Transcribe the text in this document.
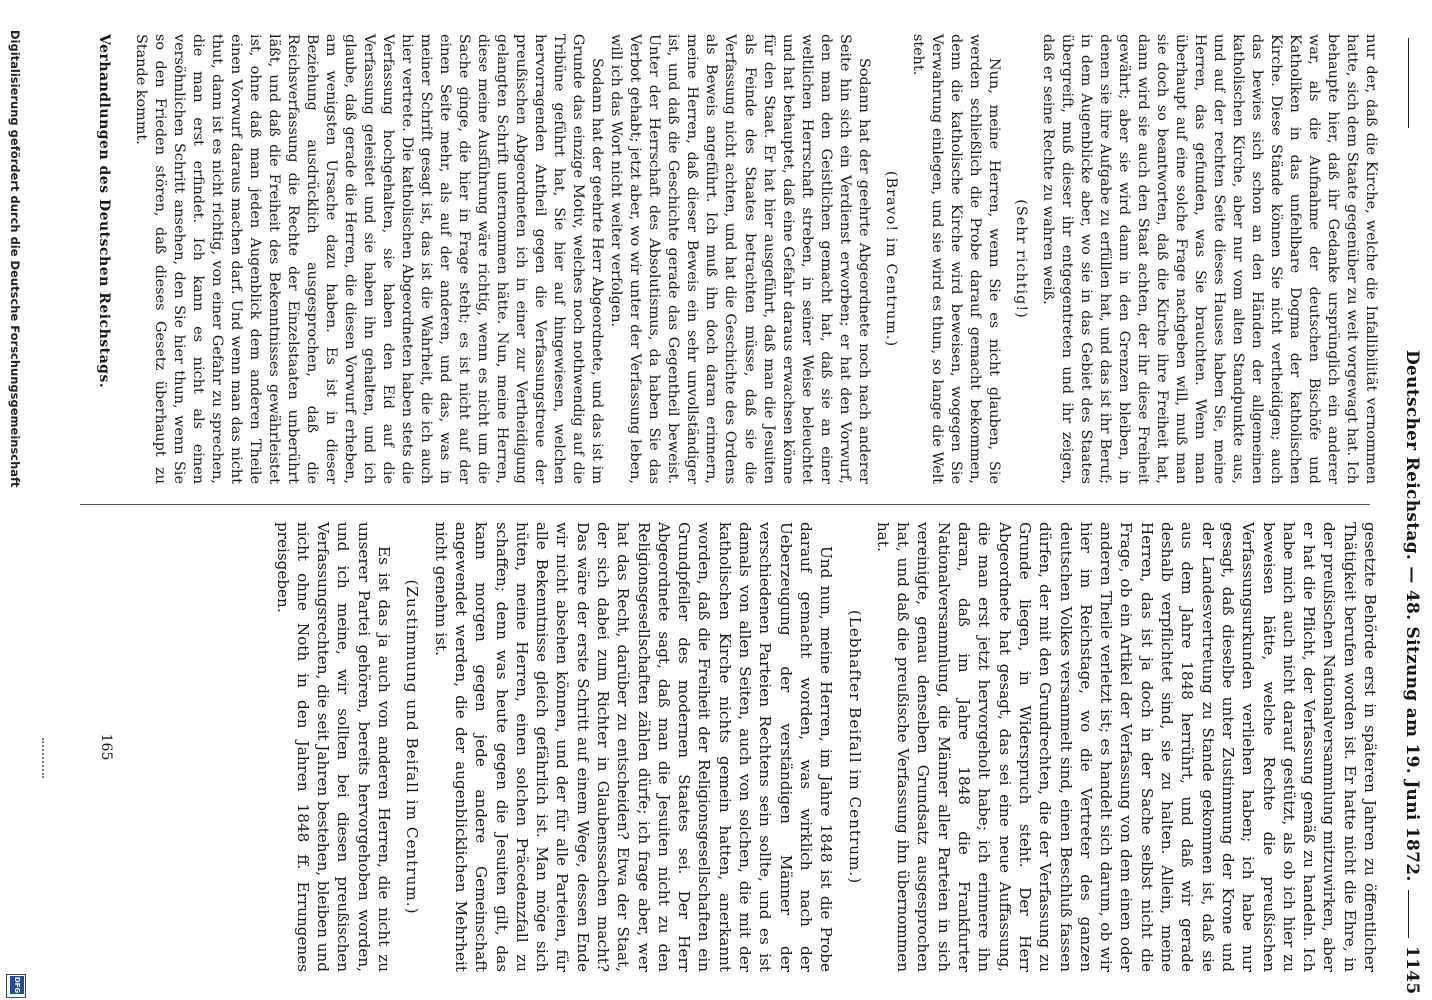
Deutscher Reichstag. — 48. Sitzung am 19. Juni 1872.
1145

nur der, daß die Kirche, welche die Infallibilität vernommen hatte, sich dem Staate gegenüber zu weit vorgewagt hat. Ich behaupte hier, daß ihr Gedanke ursprünglich ein anderer war, als die Aufnahme der deutschen Bischöfe und Katholiken in das unfehlbare Dogma der katholischen Kirche. Diese Stände können Sie nicht vertheidigen; auch das bewies sich schon an den Händen der allgemeinen katholischen Kirche, aber nur vom alten Standpunkte aus, und auf der rechten Seite dieses Hauses haben Sie, meine Herren, das gefunden, was Sie brauchten. Wenn man überhaupt auf eine solche Frage nachgeben will, muß man sie doch so beantworten, daß die Kirche ihre Freiheit hat, dann wird sie auch den Staat achten, der ihr diese Freiheit gewährt; aber sie wird dann in den Grenzen bleiben, in denen sie ihre Aufgabe zu erfüllen hat, und das ist ihr Beruf; in dem Augenblicke aber, wo sie in das Gebiet des Staates übergreift, muß dieser ihr entgegentreten und ihr zeigen, daß er seine Rechte zu wahren weiß.

(Sehr richtig!)

Nun, meine Herren, wenn Sie es nicht glauben, Sie werden schließlich die Probe darauf gemacht bekommen, denn die katholische Kirche wird beweisen, wogegen Sie Verwahrung einlegen, und sie wird es thun, so lange die Welt steht.

(Bravo! im Centrum.)

Sodann hat der geehrte Abgeordnete noch nach anderer Seite hin sich ein Verdienst erworben; er hat den Vorwurf, den man den Geistlichen gemacht hat, daß sie an einer weltlichen Herrschaft streben, in seiner Weise beleuchtet und hat behauptet, daß eine Gefahr daraus erwachsen könne für den Staat. Er hat hier ausgeführt, daß man die Jesuiten als Feinde des Staates betrachten müsse, daß sie die Verfassung nicht achten, und hat die Geschichte des Ordens als Beweis angeführt. Ich muß ihn doch daran erinnern, meine Herren, daß dieser Beweis ein sehr unvollständiger ist, und daß die Geschichte gerade das Gegentheil beweist. Unter der Herrschaft des Absolutismus, da haben Sie das Verbot gehabt; jetzt aber, wo wir unter der Verfassung leben, will ich das Wort nicht weiter verfolgen.

Sodann hat der geehrte Herr Abgeordnete, und das ist im Grunde das einzige Motiv, welches noch nothwendig auf die Tribüne geführt hat, Sie hier auf hingewiesen, welchen hervorragenden Antheil gegen die Verfassungstreue der preußischen Abgeordneten ich in einer zur Vertheidigung gelangten Schrift unternommen hätte. Nun, meine Herren, diese meine Ausführung wäre richtig, wenn es nicht um die Sache ginge, die hier in Frage steht; es ist nicht auf der einen Seite mehr, als auf der anderen, und das, was in meiner Schrift gesagt ist, das ist die Wahrheit, die ich auch hier vertrete. Die katholischen Abgeordneten haben stets die Verfassung hochgehalten, sie haben den Eid auf die Verfassung geleistet und sie haben ihn gehalten, und ich glaube, daß gerade die Herren, die diesen Vorwurf erheben, am wenigsten Ursache dazu haben. Es ist in dieser Beziehung ausdrücklich ausgesprochen, daß die Reichsverfassung die Rechte der Einzelstaaten unberührt läßt, und daß die Freiheit des Bekenntnisses gewährleistet ist, ohne daß man jeden Augenblick dem anderen Theile einen Vorwurf daraus machen darf. Und wenn man das nicht thut, dann ist es nicht richtig, von einer Gefahr zu sprechen, die man erst erfindet. Ich kann es nicht als einen versöhnlichen Schritt ansehen, den Sie hier thun, wenn Sie so den Frieden stören, daß dieses Gesetz überhaupt zu Stande kommt.

gesetzte Behörde erst in späteren Jahren zu öffentlicher Thätigkeit berufen worden ist. Er hatte nicht die Ehre, in der preußischen Nationalversammlung mitzuwirken, aber er hat die Pflicht, der Verfassung gemäß zu handeln. Ich habe mich auch nicht darauf gestützt, als ob ich hier zu beweisen hätte, welche Rechte die preußischen Verfassungsurkunden verliehen haben; ich habe nur gesagt, daß dieselbe unter Zustimmung der Krone und der Landesvertretung zu Stande gekommen ist, daß sie aus dem Jahre 1848 herrührt, und daß wir gerade deshalb verpflichtet sind, sie zu halten. Allein, meine Herren, das ist ja doch in der Sache selbst nicht die Frage, ob ein Artikel der Verfassung von dem einen oder anderen Theile verletzt ist; es handelt sich darum, ob wir hier im Reichstage, wo die Vertreter des ganzen deutschen Volkes versammelt sind, einen Beschluß fassen dürfen, der mit den Grundrechten, die der Verfassung zu Grunde liegen, in Widerspruch steht. Der Herr Abgeordnete hat gesagt, das sei eine neue Auffassung, die man erst jetzt hervorgeholt habe; ich erinnere ihn daran, daß im Jahre 1848 die Frankfurter Nationalversammlung, die Männer aller Parteien in sich vereinigte, genau denselben Grundsatz ausgesprochen hat, und daß die preußische Verfassung ihn übernommen hat.

(Lebhafter Beifall im Centrum.)

Und nun, meine Herren, im Jahre 1848 ist die Probe darauf gemacht worden, was wirklich nach der Ueberzeugung der verständigen Männer der verschiedenen Parteien Rechtens sein sollte, und es ist damals von allen Seiten, auch von solchen, die mit der katholischen Kirche nichts gemein hatten, anerkannt worden, daß die Freiheit der Religionsgesellschaften ein Grundpfeiler des modernen Staates sei. Der Herr Abgeordnete sagt, daß man die Jesuiten nicht zu den Religionsgesellschaften zählen dürfe; ich frage aber, wer hat das Recht, darüber zu entscheiden? Etwa der Staat, der sich dabei zum Richter in Glaubenssachen macht? Das wäre der erste Schritt auf einem Wege, dessen Ende wir nicht absehen können, und der für alle Parteien, für alle Bekenntnisse gleich gefährlich ist. Man möge sich hüten, meine Herren, einen solchen Präcedenzfall zu schaffen; denn was heute gegen die Jesuiten gilt, das kann morgen gegen jede andere Gemeinschaft angewendet werden, die der augenblicklichen Mehrheit nicht genehm ist.

(Zustimmung und Beifall im Centrum.)

Es ist das ja auch von anderen Herren, die nicht zu unserer Partei gehören, bereits hervorgehoben worden, und ich meine, wir sollten bei diesen preußischen Verfassungsrechten, die seit Jahren bestehen, bleiben und nicht ohne Noth in den Jahren 1848 ff. Errungenes preisgeben.

Verhandlungen des Deutschen Reichstags.
165
Digitalisierung gefördert durch die Deutsche Forschungsgemeinschaft
DFG
